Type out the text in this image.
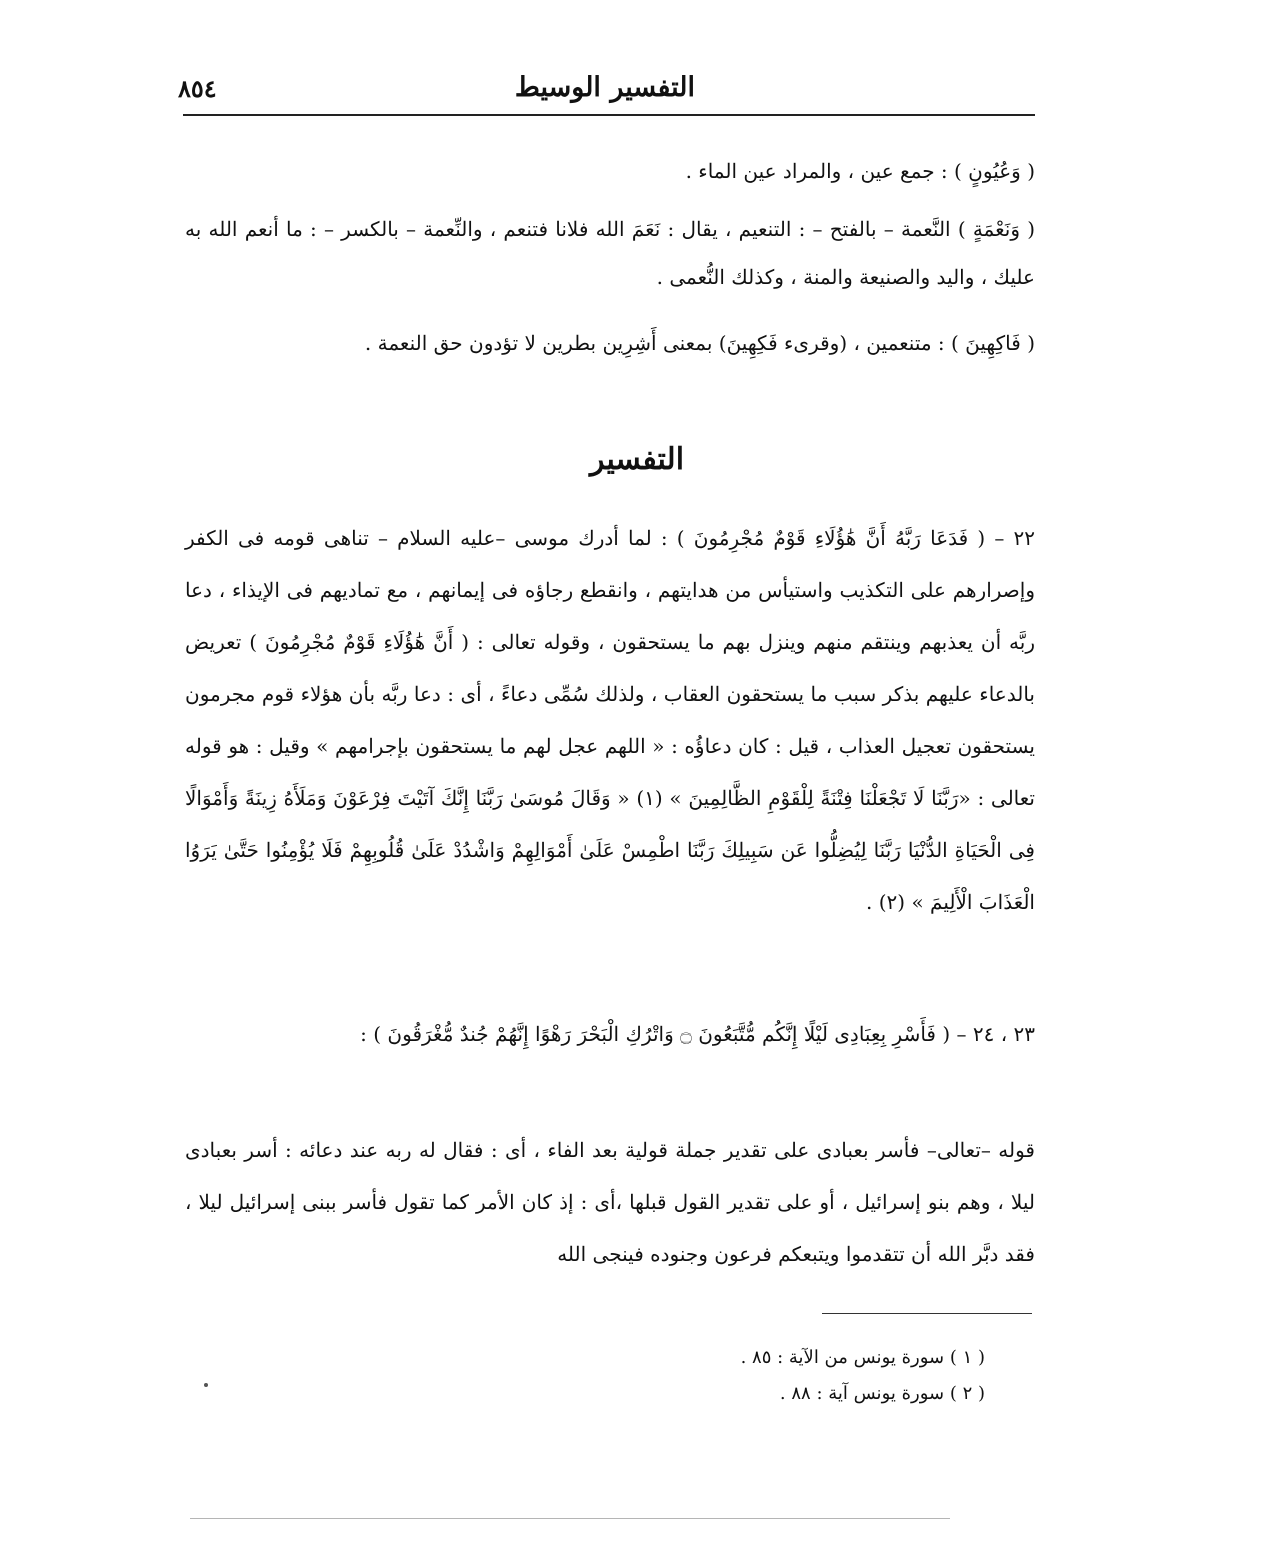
٨٥٤	التفسير الوسيط

( وَعُيُونٍ ) : جمع عين ، والمراد عين الماء .

( وَنَعْمَةٍ ) النَّعمة – بالفتح – : التنعيم ، يقال : نَعَمَ الله فلانا فتنعم ، والنِّعمة – بالكسر – : ما أنعم الله به عليك ، واليد والصنيعة والمنة ، وكذلك النُّعمى .

( فَاكِهِينَ ) : متنعمين ، (وقرىء فَكِهِينَ) بمعنى أَشِرِين بطرين لا تؤدون حق النعمة .

التفسير

٢٢ – ( فَدَعَا رَبَّهُ أَنَّ هَٰؤُلَاءِ قَوْمٌ مُجْرِمُونَ ) : لما أدرك موسى –عليه السلام – تناهى قومه فى الكفر وإصرارهم على التكذيب واستيأس من هدايتهم ، وانقطع رجاؤه فى إيمانهم ، مع تماديهم فى الإيذاء ، دعا ربَّه أن يعذبهم وينتقم منهم وينزل بهم ما يستحقون ، وقوله تعالى : ( أَنَّ هَٰؤُلَاءِ قَوْمٌ مُجْرِمُونَ ) تعريض بالدعاء عليهم بذكر سبب ما يستحقون العقاب ، ولذلك سُمِّى دعاءً ، أى : دعا ربَّه بأن هؤلاء قوم مجرمون يستحقون تعجيل العذاب ، قيل : كان دعاؤُه : « اللهم عجل لهم ما يستحقون بإجرامهم » وقيل : هو قوله تعالى : «رَبَّنَا لَا تَجْعَلْنَا فِتْنَةً لِلْقَوْمِ الظَّالِمِينَ » (١) « وَقَالَ مُوسَىٰ رَبَّنَا إِنَّكَ آتَيْتَ فِرْعَوْنَ وَمَلَأَهُ زِينَةً وَأَمْوَالًا فِى الْحَيَاةِ الدُّنْيَا رَبَّنَا لِيُضِلُّوا عَن سَبِيلِكَ رَبَّنَا اطْمِسْ عَلَىٰ أَمْوَالِهِمْ وَاشْدُدْ عَلَىٰ قُلُوبِهِمْ فَلَا يُؤْمِنُوا حَتَّىٰ يَرَوُا الْعَذَابَ الْأَلِيمَ » (٢) .

٢٣ ، ٢٤ – ( فَأَسْرِ بِعِبَادِى لَيْلًا إِنَّكُم مُّتَّبَعُونَ ۝ وَاتْرُكِ الْبَحْرَ رَهْوًا إِنَّهُمْ جُندٌ مُّغْرَقُونَ ) :

قوله –تعالى– فأسر بعبادى على تقدير جملة قولية بعد الفاء ، أى : فقال له ربه عند دعائه : أسر بعبادى ليلا ، وهم بنو إسرائيل ، أو على تقدير القول قبلها ،أى : إذ كان الأمر كما تقول فأسر ببنى إسرائيل ليلا ، فقد دبَّر الله أن تتقدموا ويتبعكم فرعون وجنوده فينجى الله

( ١ ) سورة يونس من الآية : ٨٥ .
( ٢ ) سورة يونس آية : ٨٨ .
